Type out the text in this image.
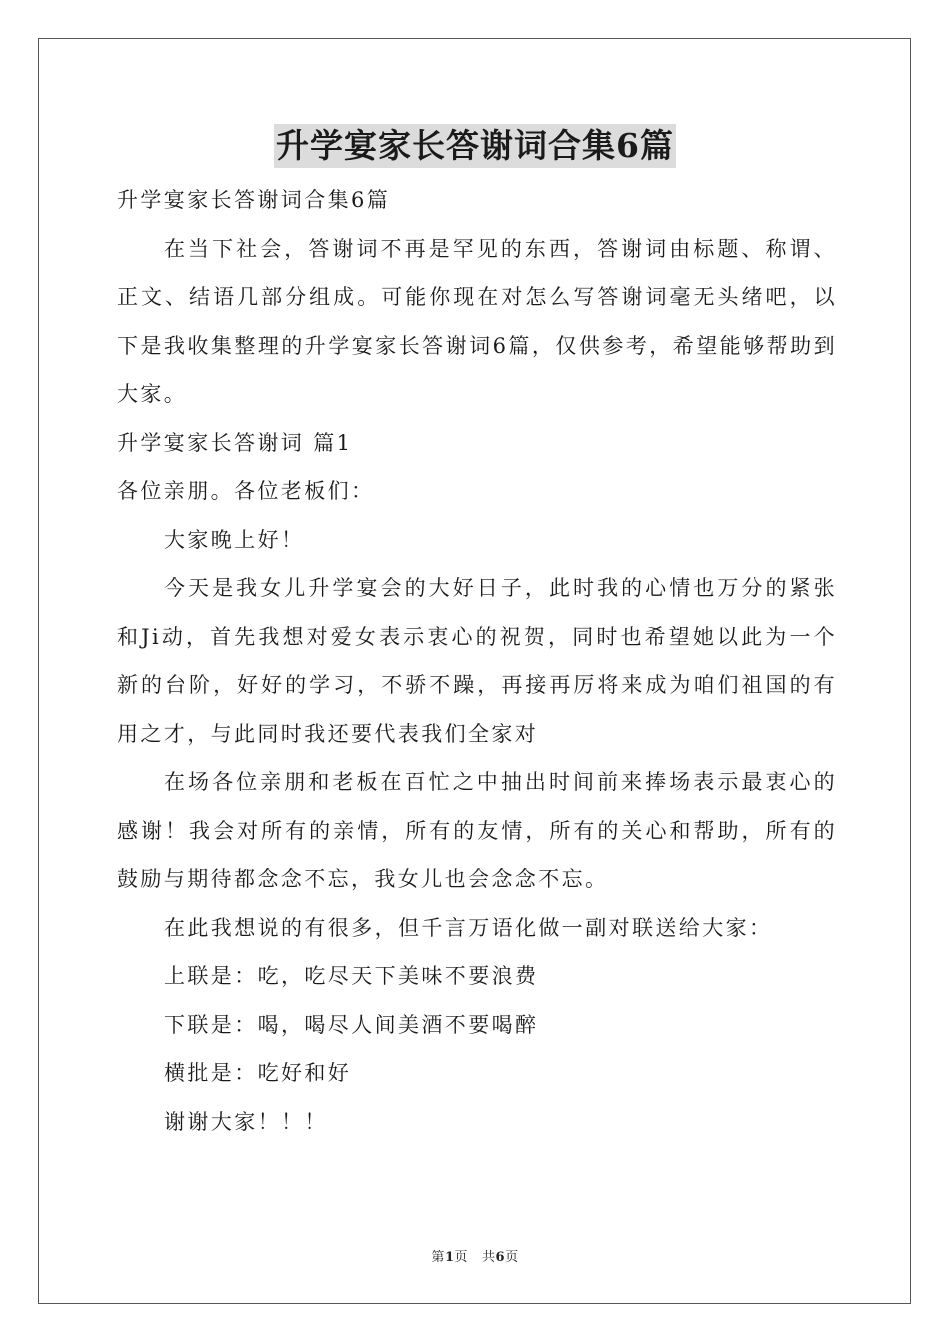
升学宴家长答谢词合集6篇
升学宴家长答谢词合集6篇
在当下社会，答谢词不再是罕见的东西，答谢词由标题、称谓、正文、结语几部分组成。可能你现在对怎么写答谢词毫无头绪吧，以下是我收集整理的升学宴家长答谢词6篇，仅供参考，希望能够帮助到大家。
升学宴家长答谢词 篇1
各位亲朋。各位老板们：
大家晚上好！
今天是我女儿升学宴会的大好日子，此时我的心情也万分的紧张和Ji动，首先我想对爱女表示衷心的祝贺，同时也希望她以此为一个新的台阶，好好的学习，不骄不躁，再接再厉将来成为咱们祖国的有用之才，与此同时我还要代表我们全家对
在场各位亲朋和老板在百忙之中抽出时间前来捧场表示最衷心的感谢！我会对所有的亲情，所有的友情，所有的关心和帮助，所有的鼓励与期待都念念不忘，我女儿也会念念不忘。
在此我想说的有很多，但千言万语化做一副对联送给大家：
上联是：吃，吃尽天下美味不要浪费
下联是：喝，喝尽人间美酒不要喝醉
横批是：吃好和好
谢谢大家！！！
第1页 共6页
